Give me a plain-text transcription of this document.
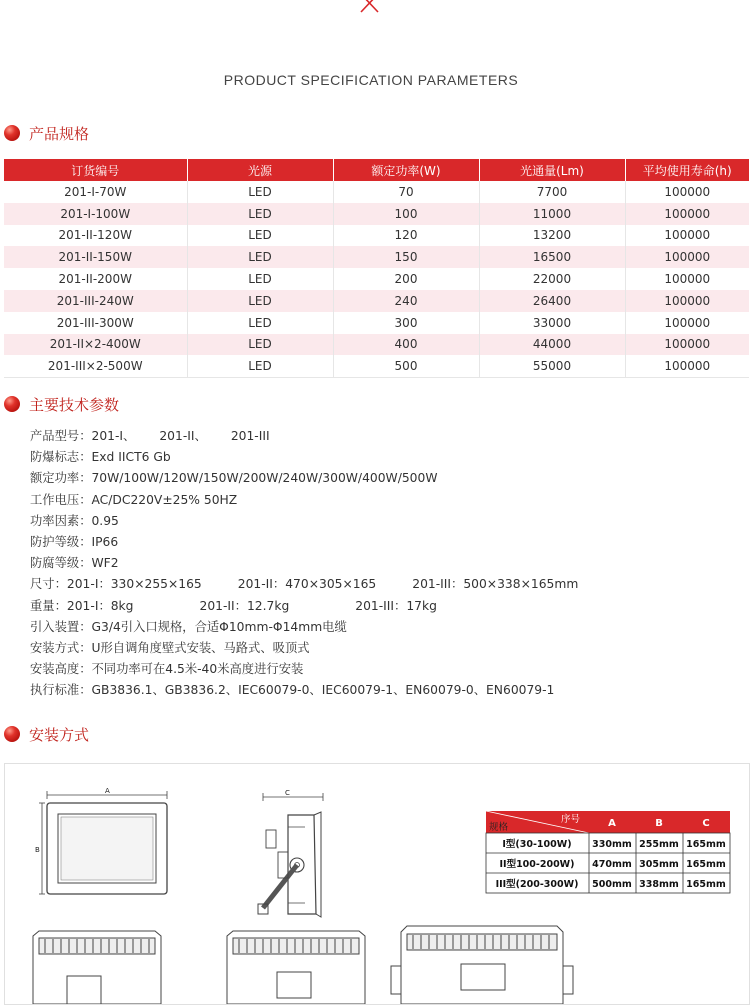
PRODUCT SPECIFICATION PARAMETERS
产品规格
订货编号	光源	额定功率(W)	光通量(Lm)	平均使用寿命(h)
201-I-70W	LED	70	7700	100000
201-I-100W	LED	100	11000	100000
201-II-120W	LED	120	13200	100000
201-II-150W	LED	150	16500	100000
201-II-200W	LED	200	22000	100000
201-III-240W	LED	240	26400	100000
201-III-300W	LED	300	33000	100000
201-II×2-400W	LED	400	44000	100000
201-III×2-500W	LED	500	55000	100000
主要技术参数
产品型号：201-I、 201-II、 201-III
防爆标志：Exd IICT6 Gb
额定功率：70W/100W/120W/150W/200W/240W/300W/400W/500W
工作电压：AC/DC220V±25% 50HZ
功率因素：0.95
防护等级：IP66
防腐等级：WF2
尺寸：201-I：330×255×165	201-II：470×305×165	201-III：500×338×165mm
重量：201-I：8kg	201-II：12.7kg	201-III：17kg
引入装置：G3/4引入口规格，合适Φ10mm-Φ14mm电缆
安装方式：U形自调角度壁式安装、马路式、吸顶式
安装高度：不同功率可在4.5米-40米高度进行安装
执行标准：GB3836.1、GB3836.2、IEC60079-0、IEC60079-1、EN60079-0、EN60079-1
安装方式
A
B
C
序号
规格	A	B	C
I型(30-100W) 330mm 255mm 165mm
II型100-200W) 470mm 305mm 165mm
III型(200-300W) 500mm 338mm 165mm
